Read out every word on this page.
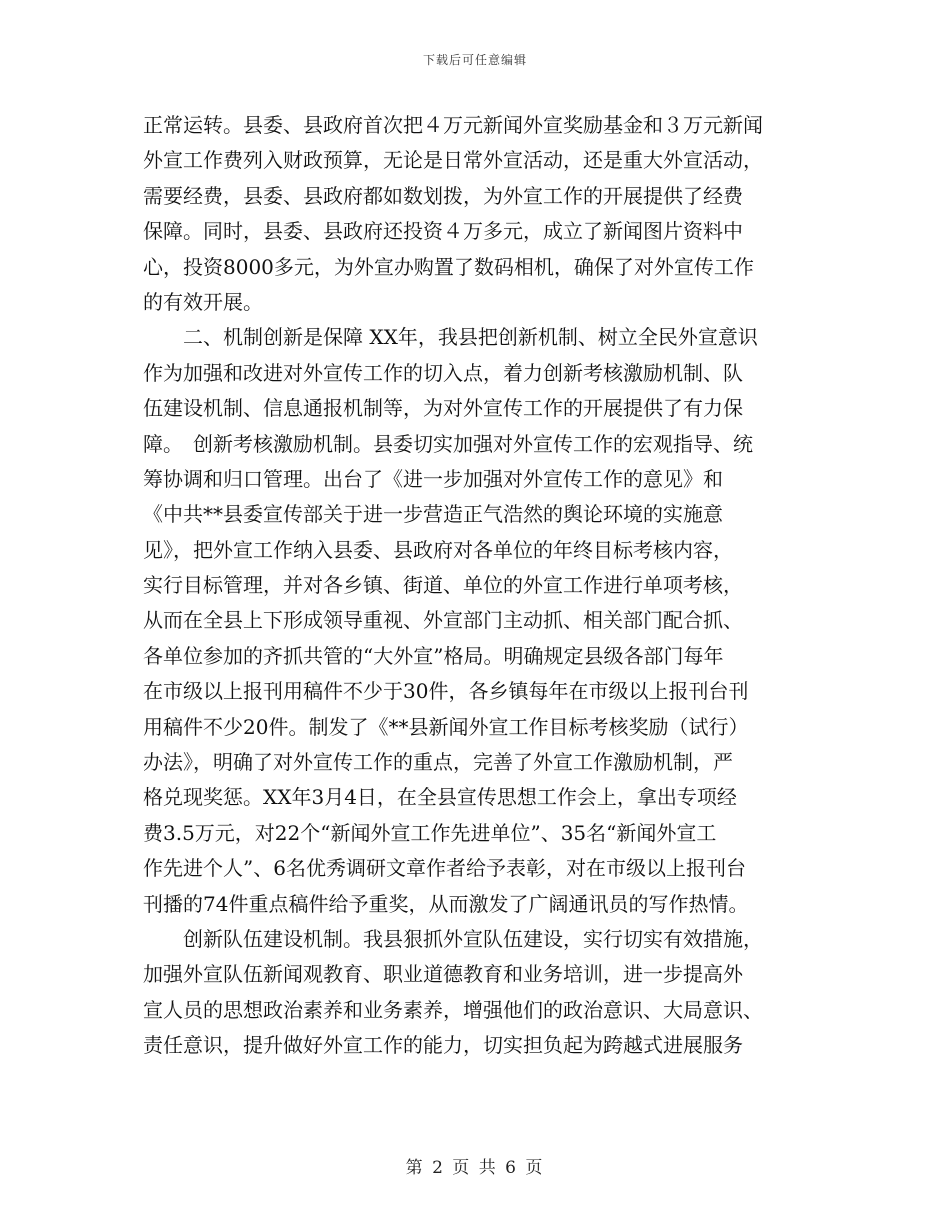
下载后可任意编辑
正常运转。县委、县政府首次把４万元新闻外宣奖励基金和３万元新闻
外宣工作费列入财政预算，无论是日常外宣活动，还是重大外宣活动，
需要经费，县委、县政府都如数划拨，为外宣工作的开展提供了经费
保障。同时，县委、县政府还投资４万多元，成立了新闻图片资料中
心，投资8000多元，为外宣办购置了数码相机，确保了对外宣传工作
的有效开展。
　　二、机制创新是保障 XX年，我县把创新机制、树立全民外宣意识
作为加强和改进对外宣传工作的切入点，着力创新考核激励机制、队
伍建设机制、信息通报机制等，为对外宣传工作的开展提供了有力保
障。　创新考核激励机制。县委切实加强对外宣传工作的宏观指导、统
筹协调和归口管理。出台了《进一步加强对外宣传工作的意见》和
《中共**县委宣传部关于进一步营造正气浩然的舆论环境的实施意
见》，把外宣工作纳入县委、县政府对各单位的年终目标考核内容，
实行目标管理，并对各乡镇、街道、单位的外宣工作进行单项考核，
从而在全县上下形成领导重视、外宣部门主动抓、相关部门配合抓、
各单位参加的齐抓共管的“大外宣”格局。明确规定县级各部门每年
在市级以上报刊用稿件不少于30件，各乡镇每年在市级以上报刊台刊
用稿件不少20件。制发了《**县新闻外宣工作目标考核奖励（试行）
办法》，明确了对外宣传工作的重点，完善了外宣工作激励机制，严
格兑现奖惩。XX年3月4日，在全县宣传思想工作会上，拿出专项经
费3.5万元，对22个“新闻外宣工作先进单位”、35名“新闻外宣工
作先进个人”、6名优秀调研文章作者给予表彰，对在市级以上报刊台
刊播的74件重点稿件给予重奖，从而激发了广阔通讯员的写作热情。
　　创新队伍建设机制。我县狠抓外宣队伍建设，实行切实有效措施，
加强外宣队伍新闻观教育、职业道德教育和业务培训，进一步提高外
宣人员的思想政治素养和业务素养，增强他们的政治意识、大局意识、
责任意识，提升做好外宣工作的能力，切实担负起为跨越式进展服务
第 2 页 共 6 页
